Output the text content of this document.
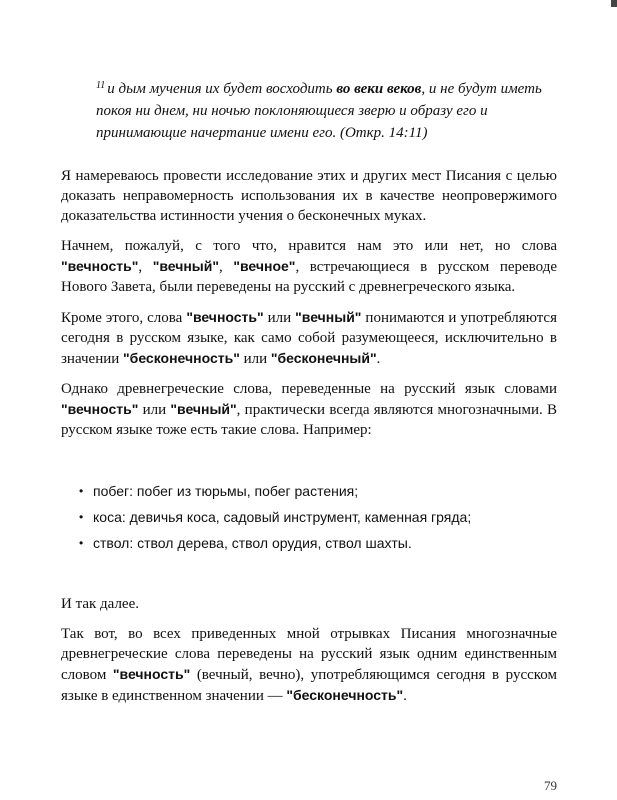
$^{11}$ и дым мучения их будет восходить во веки веков, и не будут иметь покоя ни днем, ни ночью поклоняющиеся зверю и образу его и принимающие начертание имени его. (Откр. 14:11)

Я намереваюсь провести исследование этих и других мест Писания с целью доказать неправомерность использования их в качестве неопровержимого доказательства истинности учения о бесконечных муках.

Начнем, пожалуй, с того что, нравится нам это или нет, но слова "вечность", "вечный", "вечное", встречающиеся в русском переводе Нового Завета, были переведены на русский с древнегреческого языка.

Кроме этого, слова "вечность" или "вечный" понимаются и употребляются сегодня в русском языке, как само собой разумеющееся, исключительно в значении "бесконечность" или "бесконечный".

Однако древнегреческие слова, переведенные на русский язык словами "вечность" или "вечный", практически всегда являются многозначными. В русском языке тоже есть такие слова. Например:

• побег: побег из тюрьмы, побег растения;
• коса: девичья коса, садовый инструмент, каменная гряда;
• ствол: ствол дерева, ствол орудия, ствол шахты.

И так далее.

Так вот, во всех приведенных мной отрывках Писания многозначные древнегреческие слова переведены на русский язык одним единственным словом "вечность" (вечный, вечно), употребляющимся сегодня в русском языке в единственном значении — "бесконечность".

79
